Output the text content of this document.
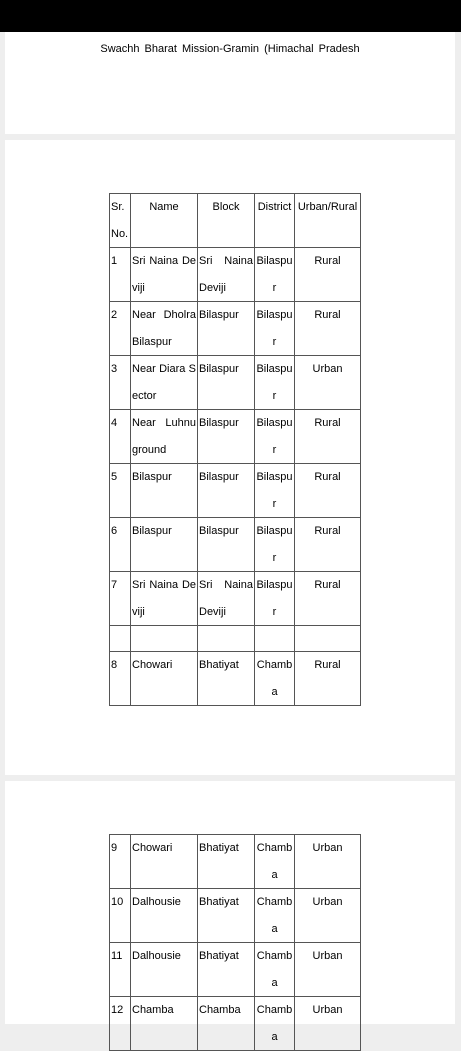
Swachh Bharat Mission-Gramin (Himachal Pradesh
Sr. No.	Name	Block	District	Urban/Rural

1	Sri Naina Deviji	Sri Naina Deviji	Bilaspur	Rural

2	Near Dholra Bilaspur	Bilaspur	Bilaspur	Rural

3	Near Diara Sector	Bilaspur	Bilaspur	Urban

4	Near Luhnu ground	Bilaspur	Bilaspur	Rural

5	Bilaspur	Bilaspur	Bilaspur	Rural

6	Bilaspur	Bilaspur	Bilaspur	Rural

7	Sri Naina Deviji	Sri Naina Deviji	Bilaspur	Rural

8	Chowari	Bhatiyat	Chamba	Rural
9	Chowari	Bhatiyat	Chamba	Urban

10	Dalhousie	Bhatiyat	Chamba	Urban

11	Dalhousie	Bhatiyat	Chamba	Urban

12	Chamba	Chamba	Chamba	Urban
